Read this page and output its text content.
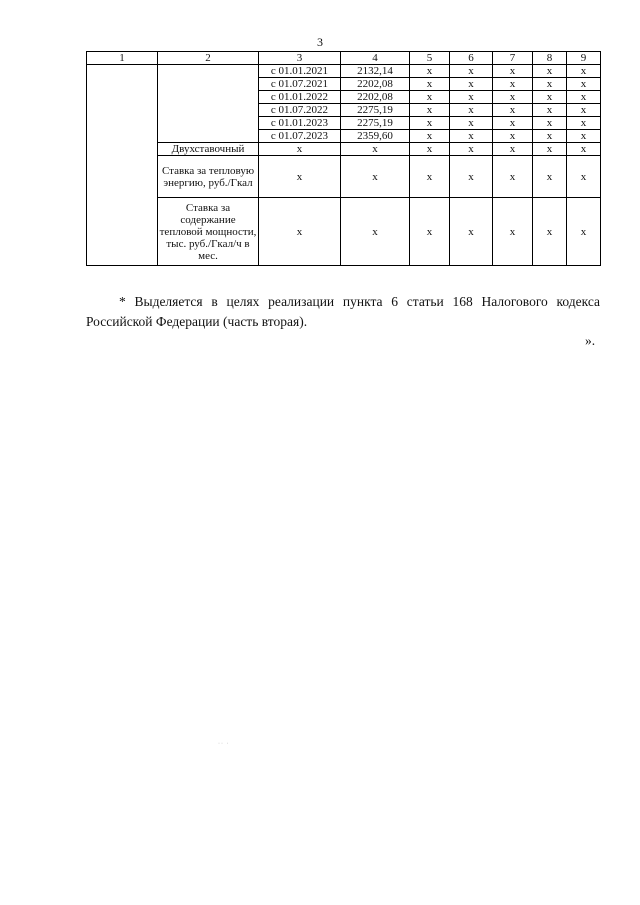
3
1	2	3	4	5	6	7	8	9
		с 01.01.2021	2132,14	х	х	х	х	х
		с 01.07.2021	2202,08	х	х	х	х	х
		с 01.01.2022	2202,08	х	х	х	х	х
		с 01.07.2022	2275,19	х	х	х	х	х
		с 01.01.2023	2275,19	х	х	х	х	х
		с 01.07.2023	2359,60	х	х	х	х	х
	Двухставочный	х	х	х	х	х	х	х
	Ставка за тепловую энергию, руб./Гкал	х	х	х	х	х	х	х
	Ставка за содержание тепловой мощности, тыс. руб./Гкал/ч в мес.	х	х	х	х	х	х	х

* Выделяется в целях реализации пункта 6 статьи 168 Налогового кодекса Российской Федерации (часть вторая).

».
·· ·
